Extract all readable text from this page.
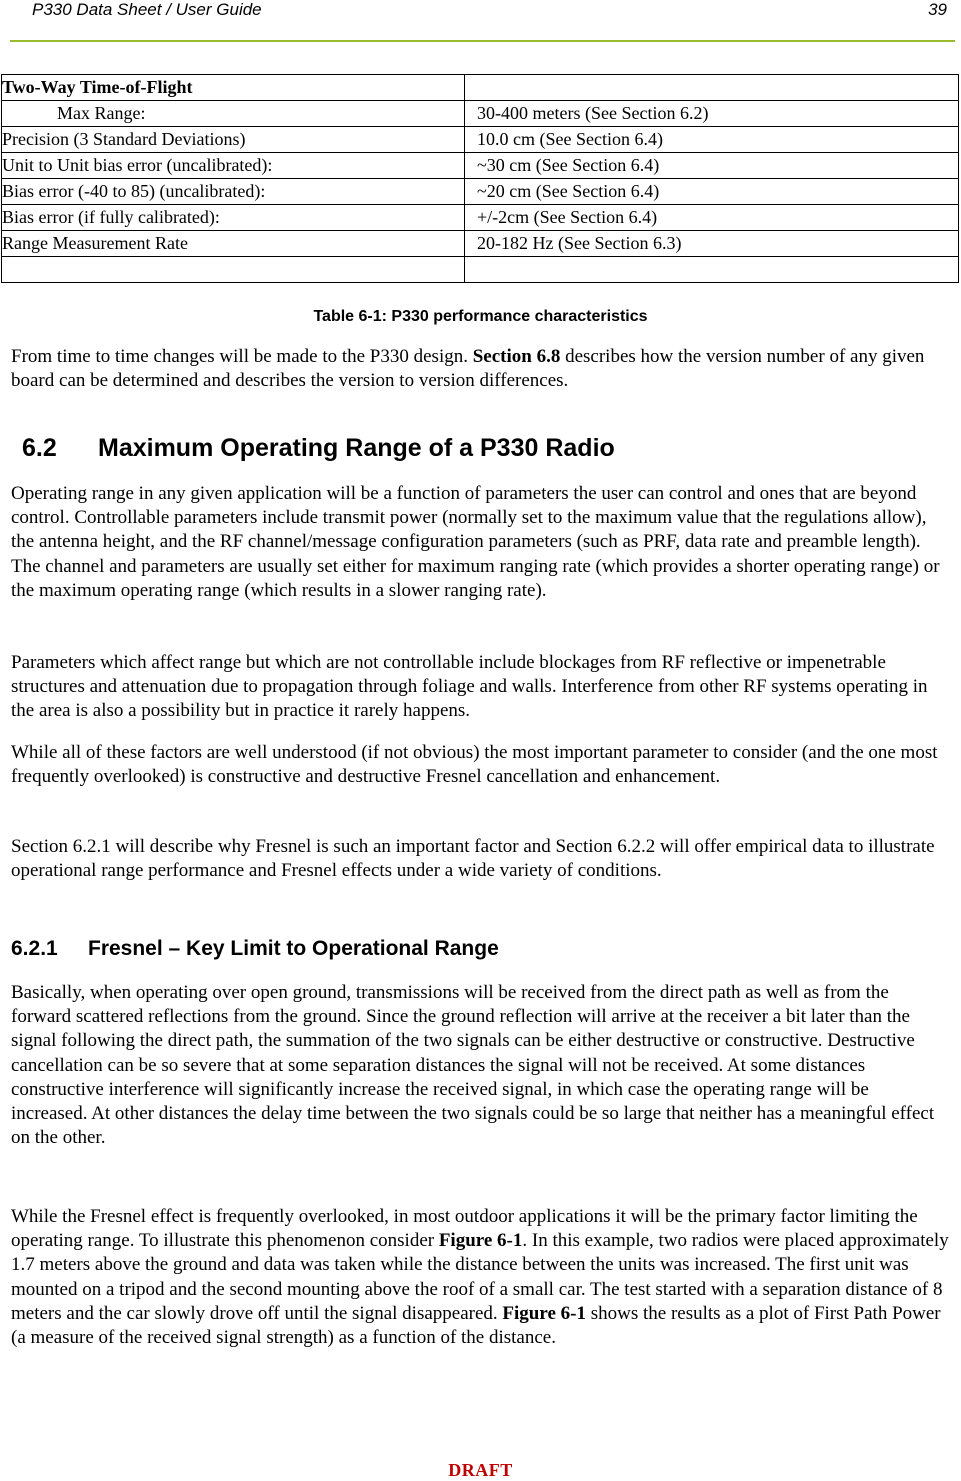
P330 Data Sheet / User Guide	39
Two-Way Time-of-Flight	
Max Range:	30-400 meters (See Section 6.2)
Precision (3 Standard Deviations)	10.0 cm (See Section 6.4)
Unit to Unit bias error (uncalibrated):	~30 cm (See Section 6.4)
Bias error (-40 to 85) (uncalibrated):	~20 cm (See Section 6.4)
Bias error (if fully calibrated):	+/-2cm (See Section 6.4)
Range Measurement Rate	20-182 Hz (See Section 6.3)

Table 6-1: P330 performance characteristics

From time to time changes will be made to the P330 design. Section 6.8 describes how the version number of any given board can be determined and describes the version to version differences.

6.2 Maximum Operating Range of a P330 Radio

Operating range in any given application will be a function of parameters the user can control and ones that are beyond control. Controllable parameters include transmit power (normally set to the maximum value that the regulations allow), the antenna height, and the RF channel/message configuration parameters (such as PRF, data rate and preamble length). The channel and parameters are usually set either for maximum ranging rate (which provides a shorter operating range) or the maximum operating range (which results in a slower ranging rate).

Parameters which affect range but which are not controllable include blockages from RF reflective or impenetrable structures and attenuation due to propagation through foliage and walls. Interference from other RF systems operating in the area is also a possibility but in practice it rarely happens.

While all of these factors are well understood (if not obvious) the most important parameter to consider (and the one most frequently overlooked) is constructive and destructive Fresnel cancellation and enhancement.

Section 6.2.1 will describe why Fresnel is such an important factor and Section 6.2.2 will offer empirical data to illustrate operational range performance and Fresnel effects under a wide variety of conditions.

6.2.1 Fresnel – Key Limit to Operational Range

Basically, when operating over open ground, transmissions will be received from the direct path as well as from the forward scattered reflections from the ground. Since the ground reflection will arrive at the receiver a bit later than the signal following the direct path, the summation of the two signals can be either destructive or constructive. Destructive cancellation can be so severe that at some separation distances the signal will not be received. At some distances constructive interference will significantly increase the received signal, in which case the operating range will be increased. At other distances the delay time between the two signals could be so large that neither has a meaningful effect on the other.

While the Fresnel effect is frequently overlooked, in most outdoor applications it will be the primary factor limiting the operating range. To illustrate this phenomenon consider Figure 6-1. In this example, two radios were placed approximately 1.7 meters above the ground and data was taken while the distance between the units was increased. The first unit was mounted on a tripod and the second mounting above the roof of a small car. The test started with a separation distance of 8 meters and the car slowly drove off until the signal disappeared. Figure 6-1 shows the results as a plot of First Path Power (a measure of the received signal strength) as a function of the distance.

DRAFT
